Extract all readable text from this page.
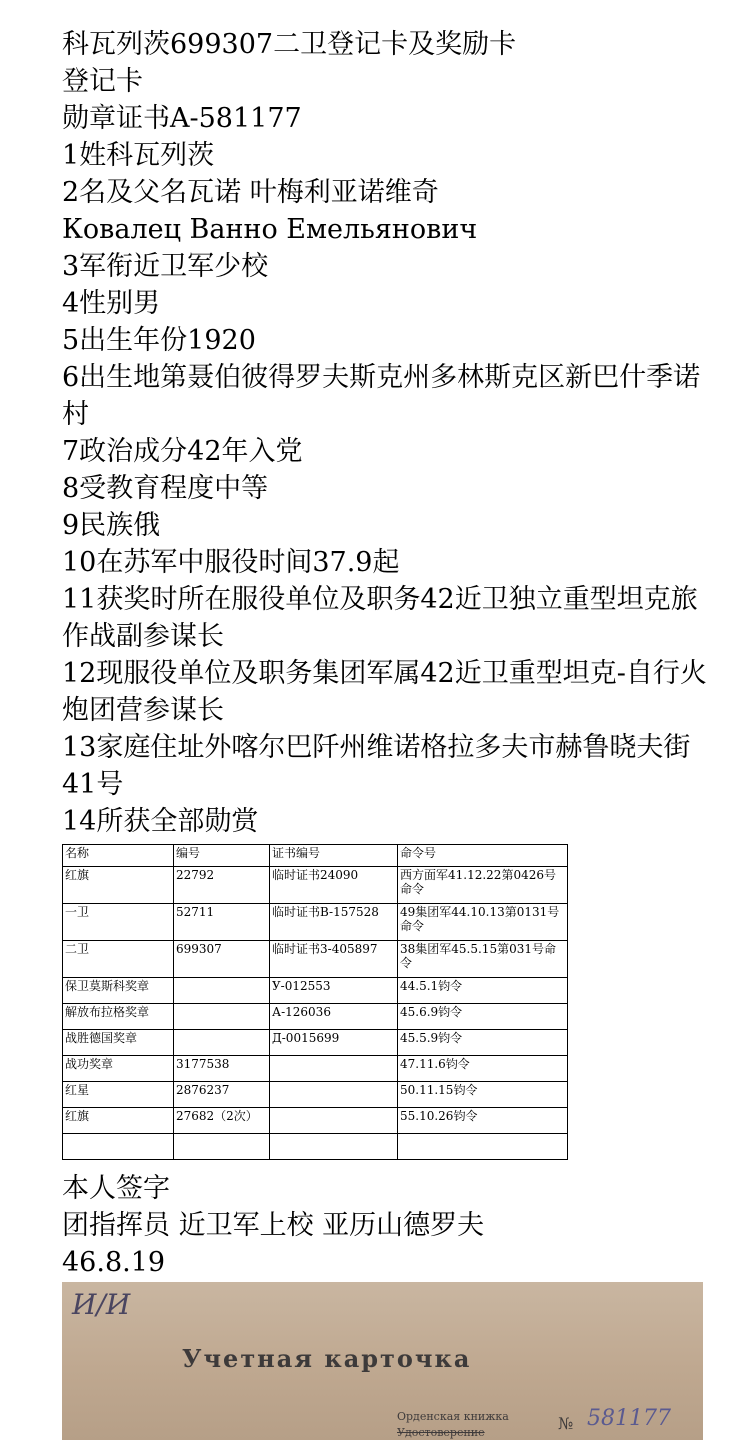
科瓦列茨699307二卫登记卡及奖励卡
登记卡
勋章证书A-581177
1姓科瓦列茨
2名及父名瓦诺 叶梅利亚诺维奇
Ковалец Ванно Емельянович
3军衔近卫军少校
4性别男
5出生年份1920
6出生地第聂伯彼得罗夫斯克州多林斯克区新巴什季诺村
7政治成分42年入党
8受教育程度中等
9民族俄
10在苏军中服役时间37.9起
11获奖时所在服役单位及职务42近卫独立重型坦克旅作战副参谋长
12现服役单位及职务集团军属42近卫重型坦克-自行火炮团营参谋长
13家庭住址外喀尔巴阡州维诺格拉多夫市赫鲁晓夫街41号
14所获全部勋赏
名称	编号	证书编号	命令号
红旗	22792	临时证书24090	西方面军41.12.22第0426号命令
一卫	52711	临时证书B-157528	49集团军44.10.13第0131号命令
二卫	699307	临时证书3-405897	38集团军45.5.15第031号命令
保卫莫斯科奖章		У-012553	44.5.1钧令
解放布拉格奖章		А-126036	45.6.9钧令
战胜德国奖章		Д-0015699	45.5.9钧令
战功奖章	3177538		47.11.6钧令
红星	2876237		50.11.15钧令
红旗	27682（2次）		55.10.26钧令

本人签字
团指挥员 近卫军上校 亚历山德罗夫
46.8.19
И/И
Учетная карточка
Орденская книжка
Удостоверение	№ 581177
